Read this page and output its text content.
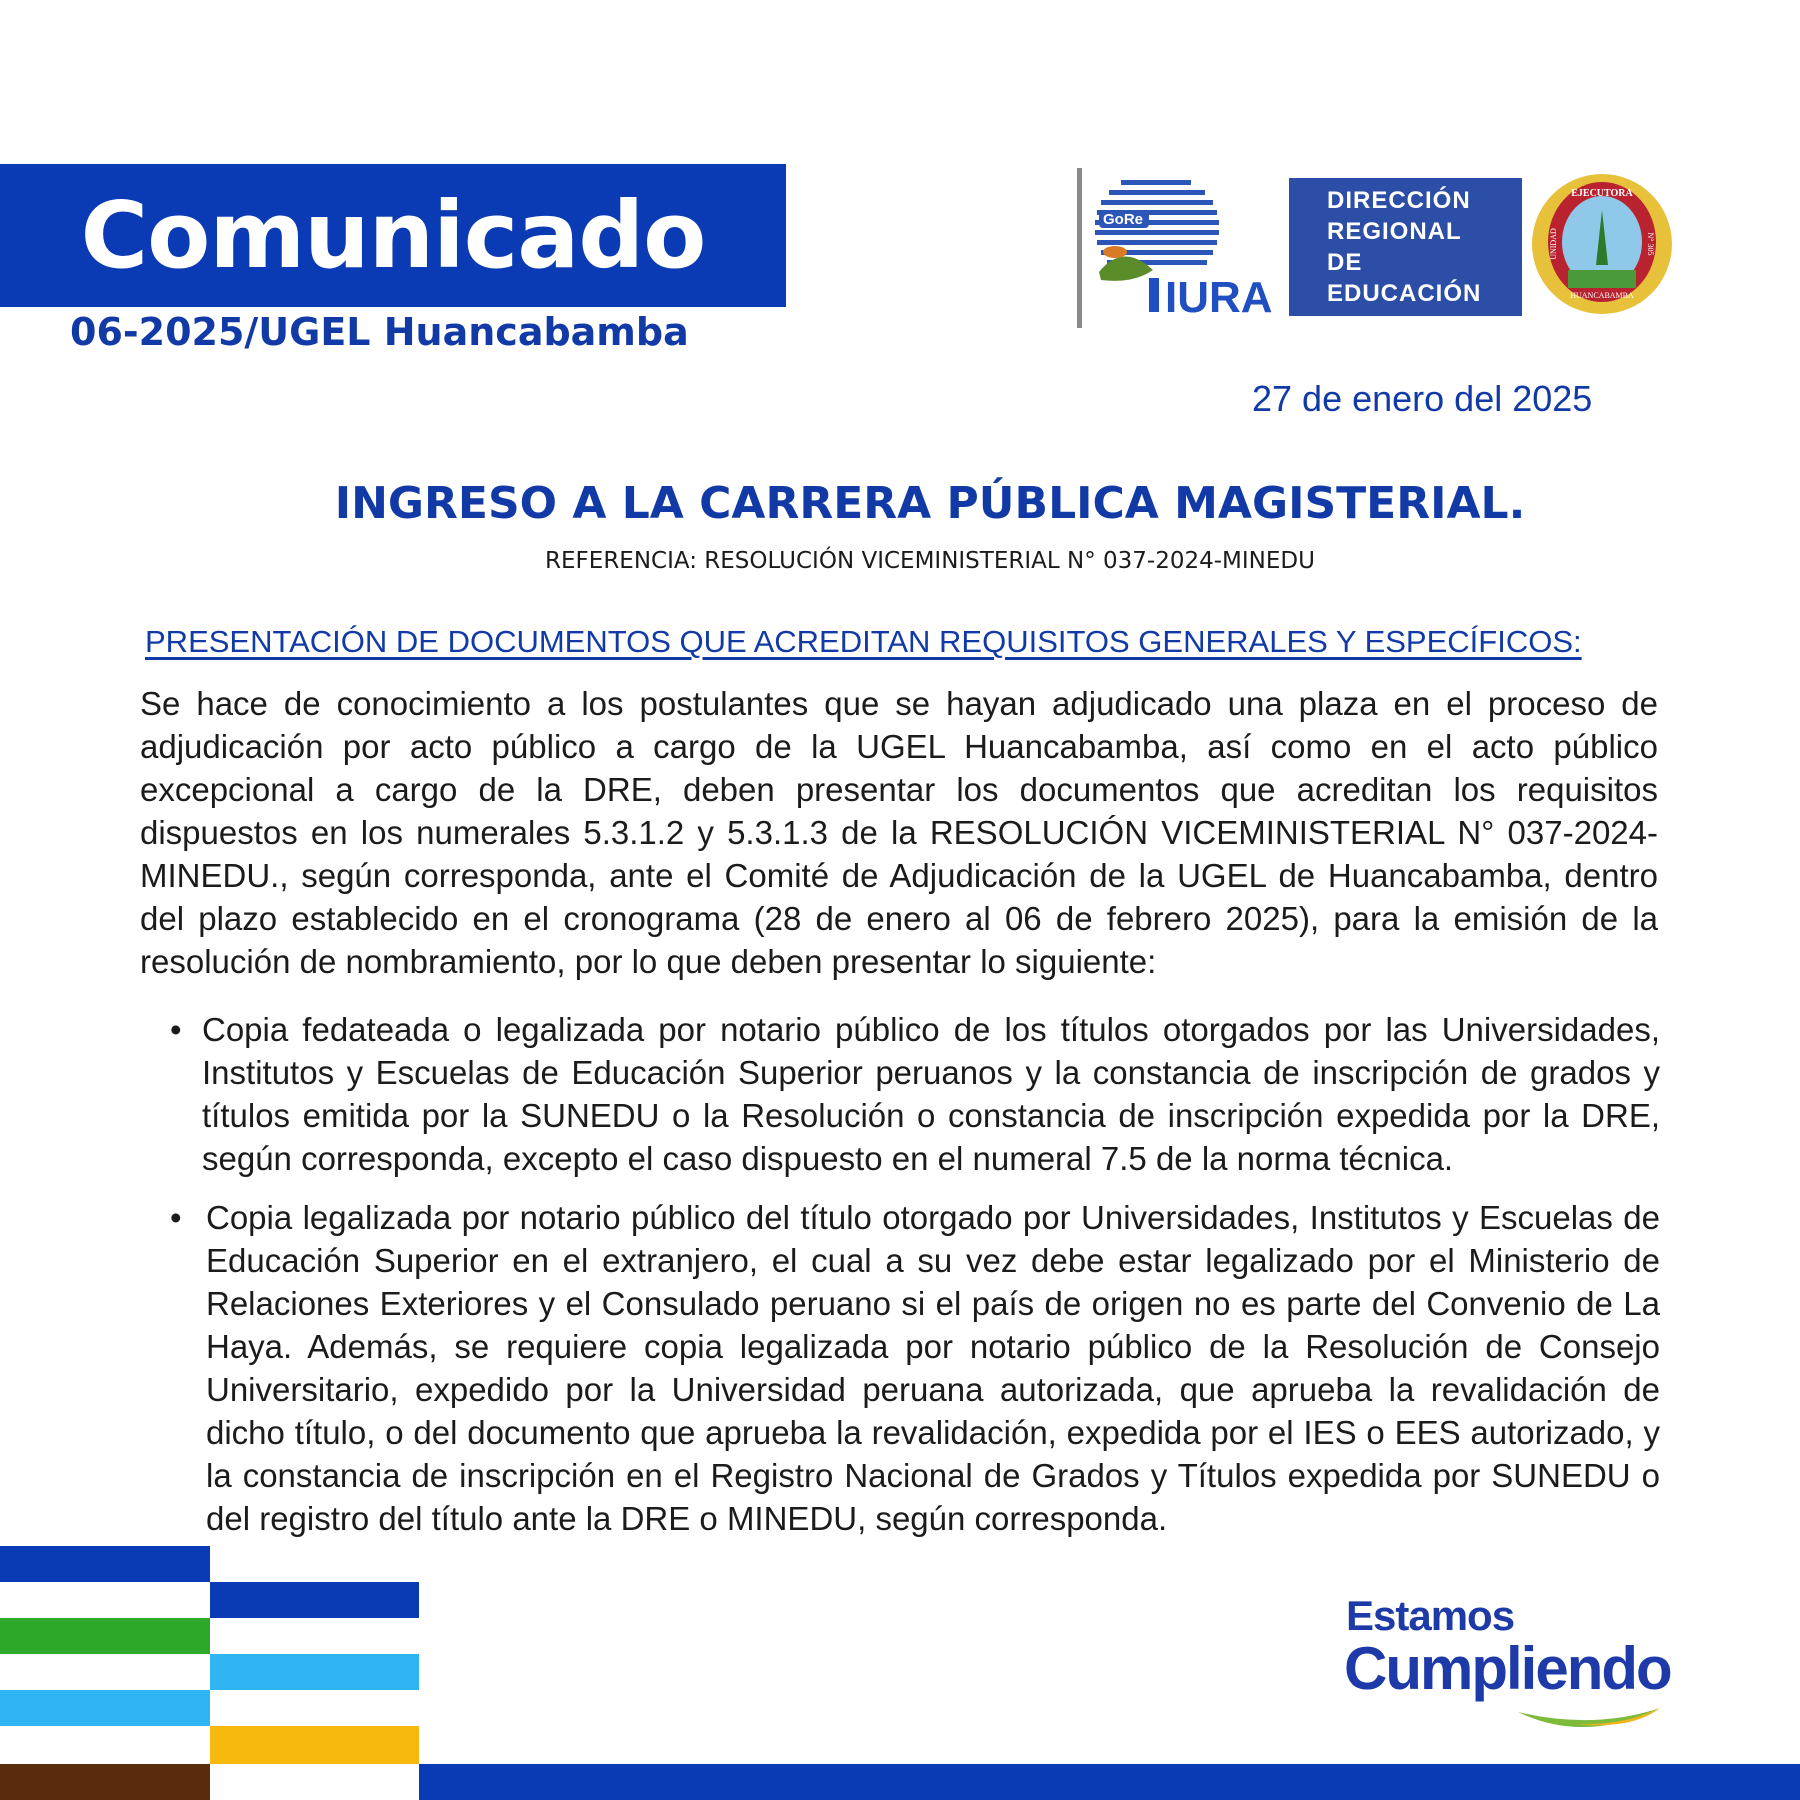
Comunicado
06-2025/UGEL Huancabamba
GoRe
IURA
DIRECCIÓN
REGIONAL
DE
EDUCACIÓN
EJECUTORA
UNIDAD	N° 305
HUANCABAMBA
27 de enero del 2025
INGRESO A LA CARRERA PÚBLICA MAGISTERIAL.
REFERENCIA: RESOLUCIÓN VICEMINISTERIAL N° 037-2024-MINEDU
PRESENTACIÓN DE DOCUMENTOS QUE ACREDITAN REQUISITOS GENERALES Y ESPECÍFICOS:

Se hace de conocimiento a los postulantes que se hayan adjudicado una plaza en el proceso de adjudicación por acto público a cargo de la UGEL Huancabamba, así como en el acto público excepcional a cargo de la DRE, deben presentar los documentos que acreditan los requisitos dispuestos en los numerales 5.3.1.2 y 5.3.1.3 de la RESOLUCIÓN VICEMINISTERIAL N° 037-2024-MINEDU., según corresponda, ante el Comité de Adjudicación de la UGEL de Huancabamba, dentro del plazo establecido en el cronograma (28 de enero al 06 de febrero 2025), para la emisión de la resolución de nombramiento, por lo que deben presentar lo siguiente:

• Copia fedateada o legalizada por notario público de los títulos otorgados por las Universidades, Institutos y Escuelas de Educación Superior peruanos y la constancia de inscripción de grados y títulos emitida por la SUNEDU o la Resolución o constancia de inscripción expedida por la DRE, según corresponda, excepto el caso dispuesto en el numeral 7.5 de la norma técnica.
• Copia legalizada por notario público del título otorgado por Universidades, Institutos y Escuelas de Educación Superior en el extranjero, el cual a su vez debe estar legalizado por el Ministerio de Relaciones Exteriores y el Consulado peruano si el país de origen no es parte del Convenio de La Haya. Además, se requiere copia legalizada por notario público de la Resolución de Consejo Universitario, expedido por la Universidad peruana autorizada, que aprueba la revalidación de dicho título, o del documento que aprueba la revalidación, expedida por el IES o EES autorizado, y la constancia de inscripción en el Registro Nacional de Grados y Títulos expedida por SUNEDU o del registro del título ante la DRE o MINEDU, según corresponda.
Estamos
Cumpliendo
